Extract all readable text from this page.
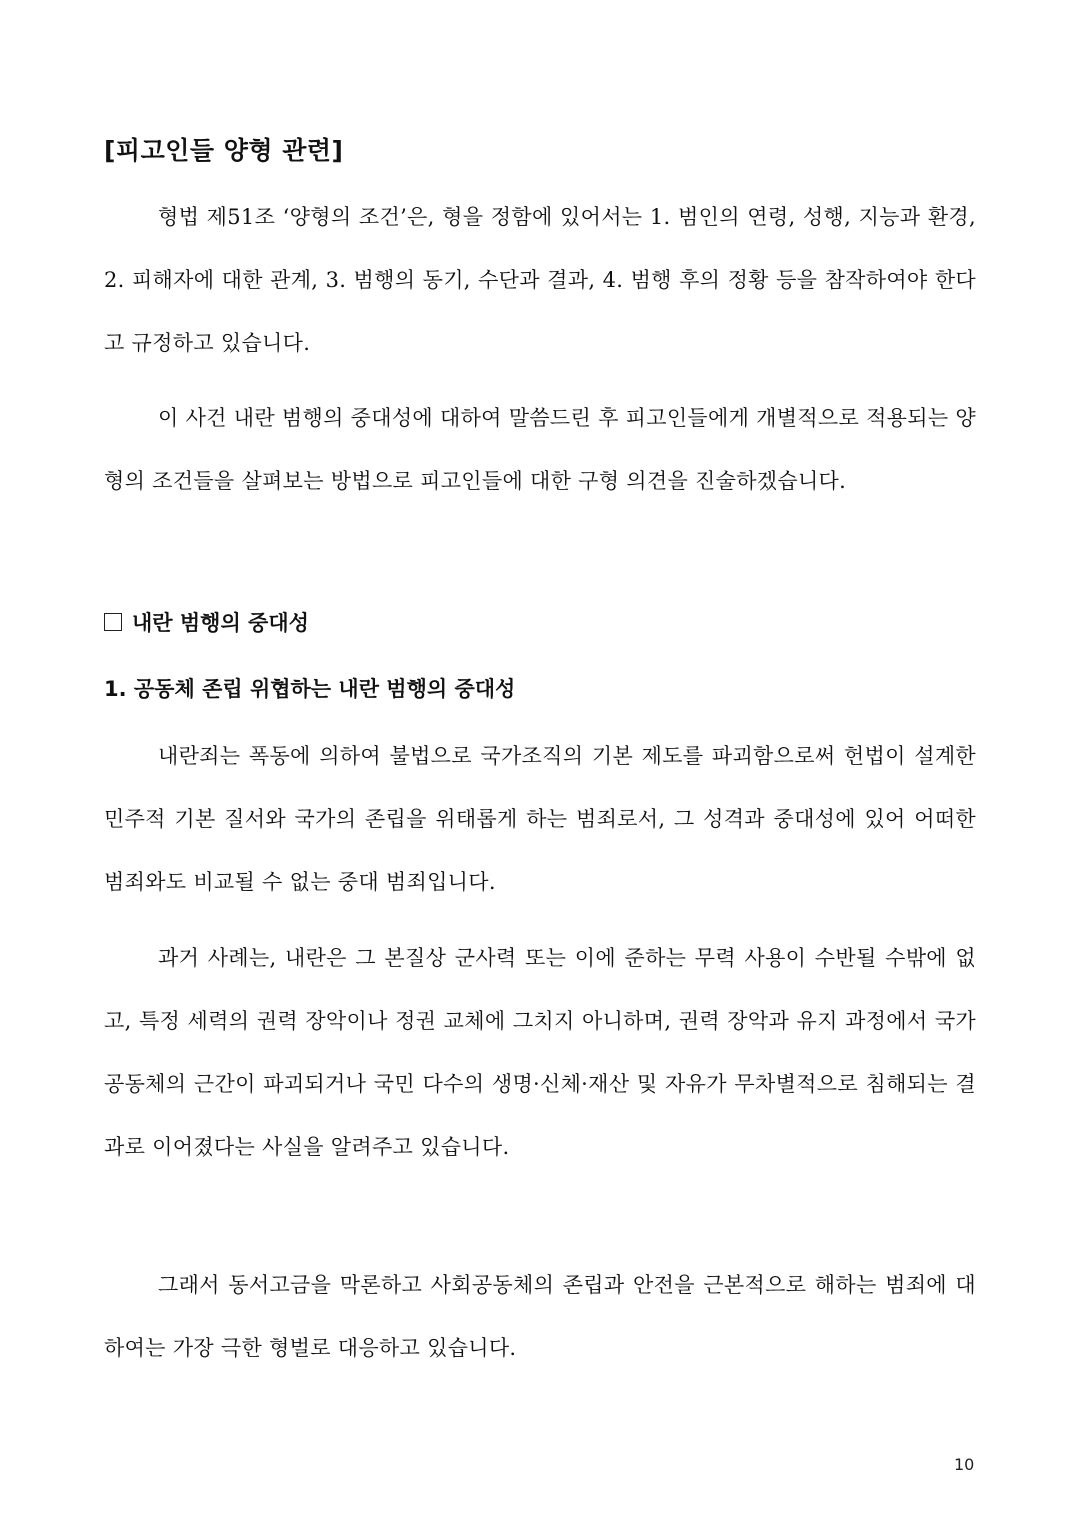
[피고인들 양형 관련]

형법 제51조 ‘양형의 조건’은, 형을 정함에 있어서는 1. 범인의 연령, 성행, 지능과 환경, 2. 피해자에 대한 관계, 3. 범행의 동기, 수단과 결과, 4. 범행 후의 정황 등을 참작하여야 한다고 규정하고 있습니다.

이 사건 내란 범행의 중대성에 대하여 말씀드린 후 피고인들에게 개별적으로 적용되는 양형의 조건들을 살펴보는 방법으로 피고인들에 대한 구형 의견을 진술하겠습니다.

내란 범행의 중대성
1. 공동체 존립 위협하는 내란 범행의 중대성

내란죄는 폭동에 의하여 불법으로 국가조직의 기본 제도를 파괴함으로써 헌법이 설계한 민주적 기본 질서와 국가의 존립을 위태롭게 하는 범죄로서, 그 성격과 중대성에 있어 어떠한 범죄와도 비교될 수 없는 중대 범죄입니다.

과거 사례는, 내란은 그 본질상 군사력 또는 이에 준하는 무력 사용이 수반될 수밖에 없고, 특정 세력의 권력 장악이나 정권 교체에 그치지 아니하며, 권력 장악과 유지 과정에서 국가 공동체의 근간이 파괴되거나 국민 다수의 생명·신체·재산 및 자유가 무차별적으로 침해되는 결과로 이어졌다는 사실을 알려주고 있습니다.

그래서 동서고금을 막론하고 사회공동체의 존립과 안전을 근본적으로 해하는 범죄에 대하여는 가장 극한 형벌로 대응하고 있습니다.

10
